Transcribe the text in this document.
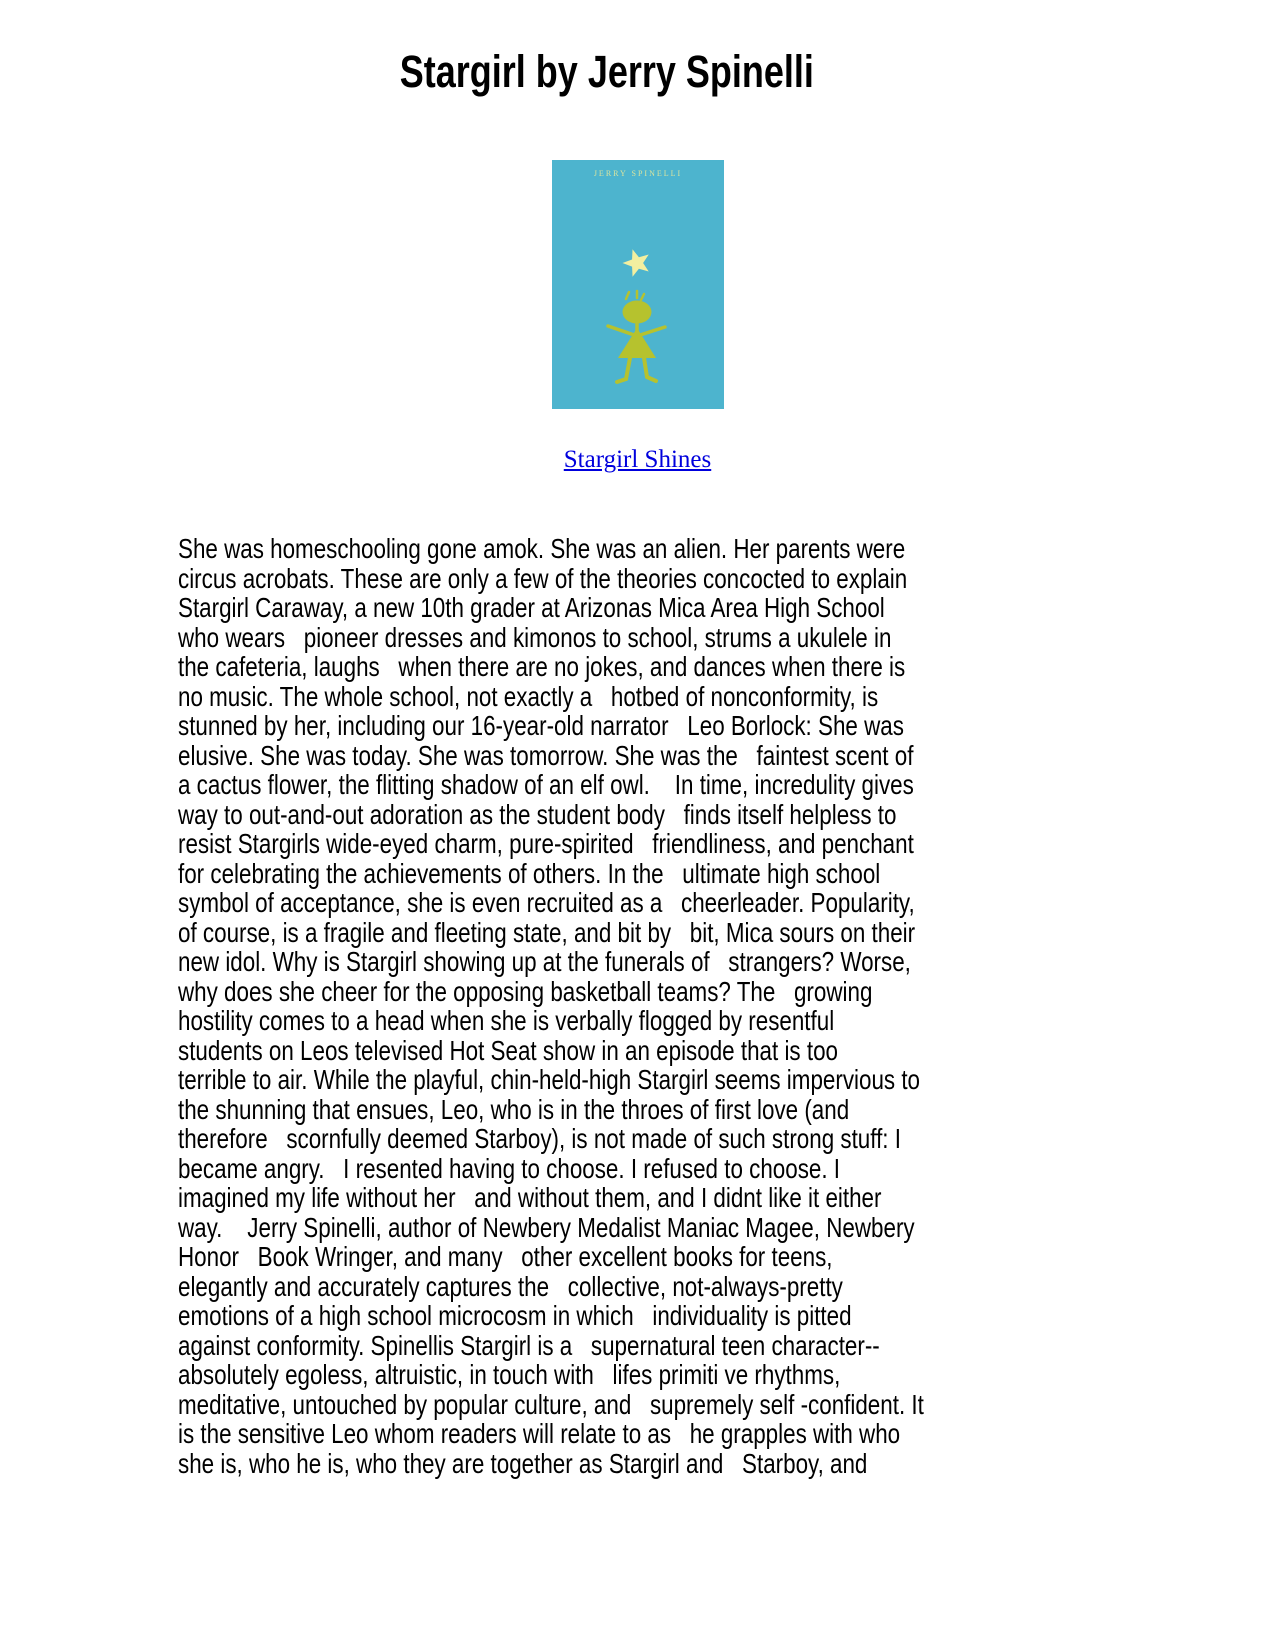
Stargirl by Jerry Spinelli
JERRY SPINELLI
Stargirl Shines
She was homeschooling gone amok. She was an alien. Her parents were
circus acrobats. These are only a few of the theories concocted to explain
Stargirl Caraway, a new 10th grader at Arizonas Mica Area High School
who wears   pioneer dresses and kimonos to school, strums a ukulele in
the cafeteria, laughs   when there are no jokes, and dances when there is
no music. The whole school, not exactly a   hotbed of nonconformity, is
stunned by her, including our 16-year-old narrator   Leo Borlock: She was
elusive. She was today. She was tomorrow. She was the   faintest scent of
a cactus flower, the flitting shadow of an elf owl.    In time, incredulity gives
way to out-and-out adoration as the student body   finds itself helpless to
resist Stargirls wide-eyed charm, pure-spirited   friendliness, and penchant
for celebrating the achievements of others. In the   ultimate high school
symbol of acceptance, she is even recruited as a   cheerleader. Popularity,
of course, is a fragile and fleeting state, and bit by   bit, Mica sours on their
new idol. Why is Stargirl showing up at the funerals of   strangers? Worse,
why does she cheer for the opposing basketball teams? The   growing
hostility comes to a head when she is verbally flogged by resentful
students on Leos televised Hot Seat show in an episode that is too
terrible to air. While the playful, chin-held-high Stargirl seems impervious to
the shunning that ensues, Leo, who is in the throes of first love (and
therefore   scornfully deemed Starboy), is not made of such strong stuff: I
became angry.   I resented having to choose. I refused to choose. I
imagined my life without her   and without them, and I didnt like it either
way.    Jerry Spinelli, author of Newbery Medalist Maniac Magee, Newbery
Honor   Book Wringer, and many   other excellent books for teens,
elegantly and accurately captures the   collective, not-always-pretty
emotions of a high school microcosm in which   individuality is pitted
against conformity. Spinellis Stargirl is a   supernatural teen character--
absolutely egoless, altruistic, in touch with   lifes primiti ve rhythms,
meditative, untouched by popular culture, and   supremely self -confident. It
is the sensitive Leo whom readers will relate to as   he grapples with who
she is, who he is, who they are together as Stargirl and   Starboy, and
